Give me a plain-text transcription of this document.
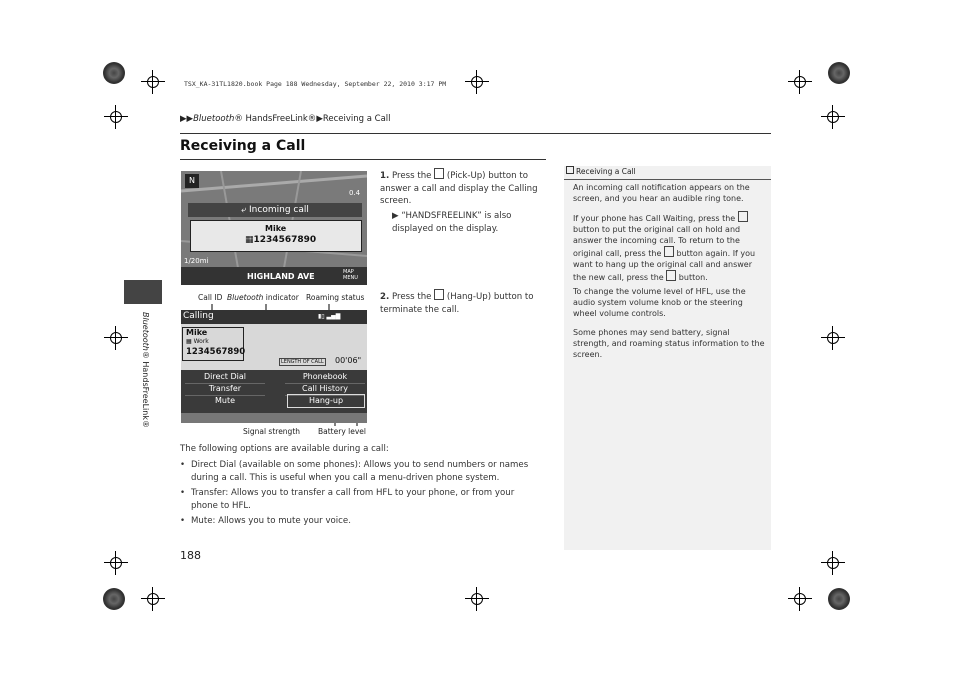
TSX_KA-31TL1820.book Page 188 Wednesday, September 22, 2010 3:17 PM
▶▶Bluetooth® HandsFreeLink®▶Receiving a Call
Receiving a Call
Bluetooth® HandsFreeLink®
N
0.4
⤶ Incoming call
Mike
▦1234567890
1/20mi
HIGHLAND AVE	MAP MENU
Call ID Bluetooth indicator Roaming status
Calling	▮▯ ▃▅▇
Mike
▦ Work
1234567890
LENGTH OF CALL 00'06"
Direct Dial	Phonebook
Transfer	Call History
Mute	Hang-up
Signal strength Battery level
1. Press the (Pick-Up) button to answer a call and display the Calling screen.
▶ “HANDSFREELINK” is also displayed on the display.
2. Press the (Hang-Up) button to terminate the call.
The following options are available during a call:
• Direct Dial (available on some phones): Allows you to send numbers or names during a call. This is useful when you call a menu-driven phone system.
• Transfer: Allows you to transfer a call from HFL to your phone, or from your phone to HFL.
• Mute: Allows you to mute your voice.
188
Receiving a Call
An incoming call notification appears on the screen, and you hear an audible ring tone.
If your phone has Call Waiting, press the  button to put the original call on hold and answer the incoming call. To return to the original call, press the button again. If you want to hang up the original call and answer the new call, press the button.
To change the volume level of HFL, use the audio system volume knob or the steering wheel volume controls.
Some phones may send battery, signal strength, and roaming status information to the screen.
